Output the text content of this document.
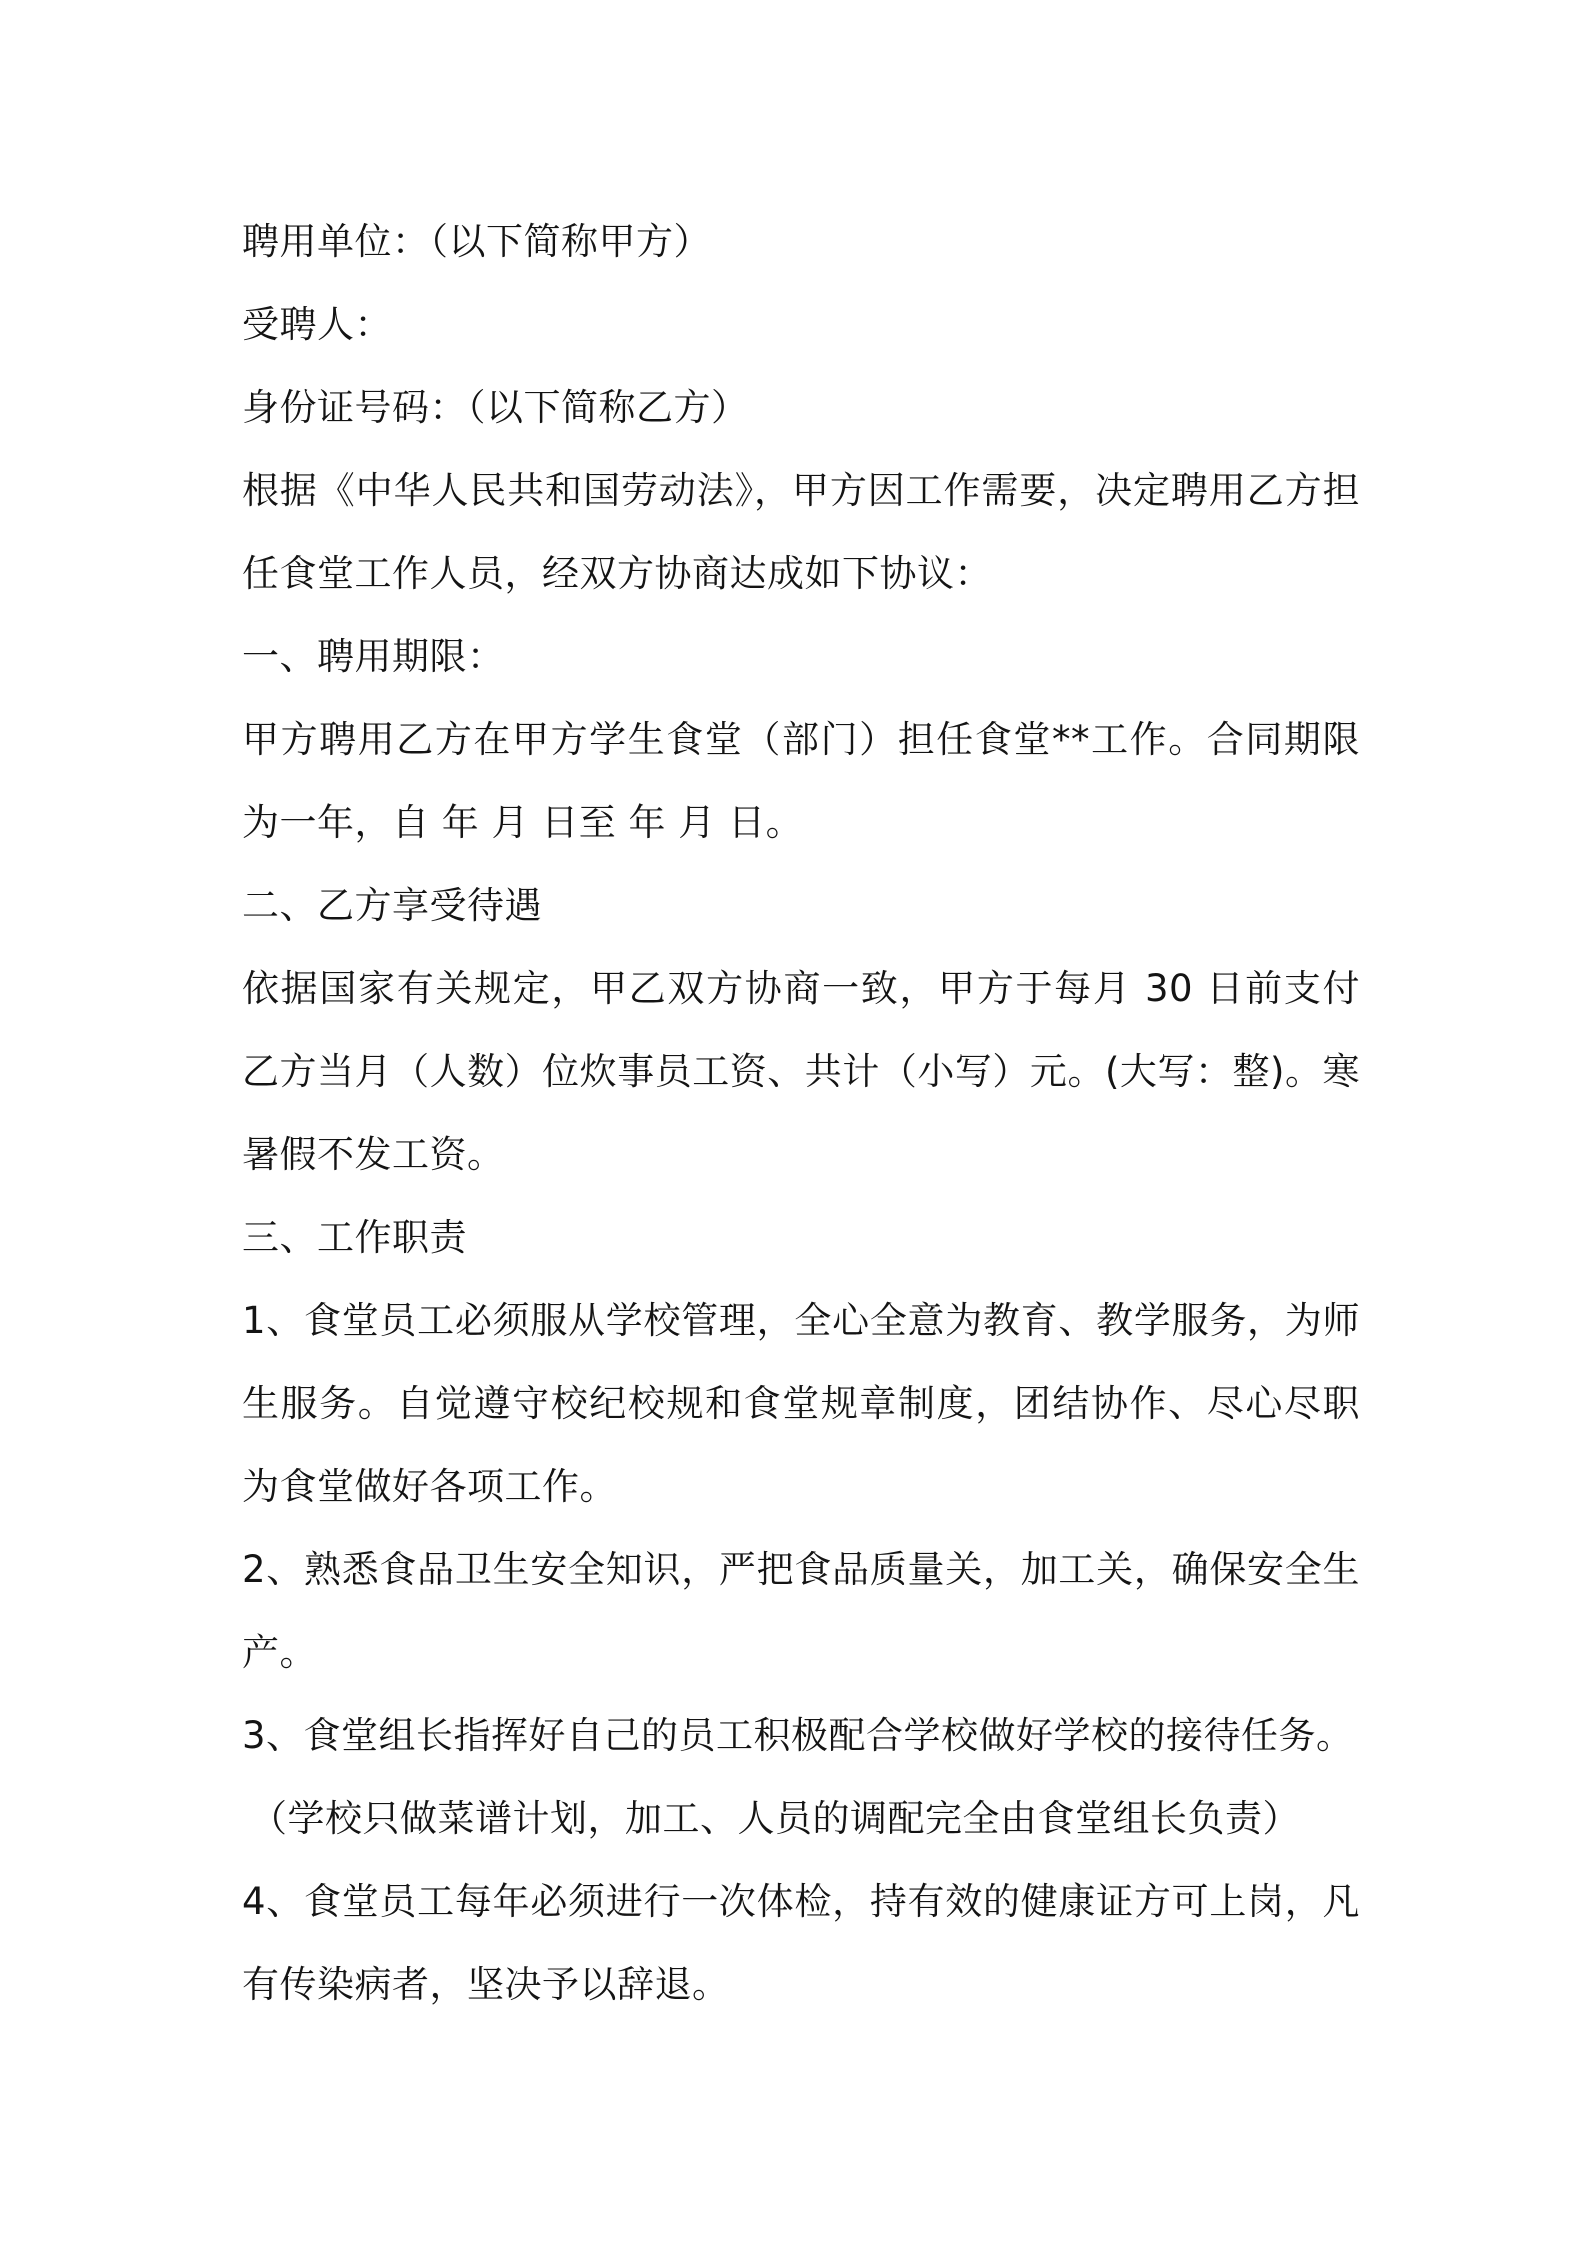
聘用单位：（以下简称甲方）

受聘人：

身份证号码：（以下简称乙方）

根据《中华人民共和国劳动法》，甲方因工作需要，决定聘用乙方担任食堂工作人员，经双方协商达成如下协议：

一、聘用期限：

甲方聘用乙方在甲方学生食堂（部门）担任食堂**工作。合同期限为一年，自 年 月 日至 年 月 日。

二、乙方享受待遇

依据国家有关规定，甲乙双方协商一致，甲方于每月 30 日前支付乙方当月（人数）位炊事员工资、共计（小写）元。(大写：整)。寒暑假不发工资。

三、工作职责

1、食堂员工必须服从学校管理，全心全意为教育、教学服务，为师生服务。自觉遵守校纪校规和食堂规章制度，团结协作、尽心尽职为食堂做好各项工作。

2、熟悉食品卫生安全知识，严把食品质量关，加工关，确保安全生产。

3、食堂组长指挥好自己的员工积极配合学校做好学校的接待任务。

（学校只做菜谱计划，加工、人员的调配完全由食堂组长负责）

4、食堂员工每年必须进行一次体检，持有效的健康证方可上岗，凡有传染病者，坚决予以辞退。
